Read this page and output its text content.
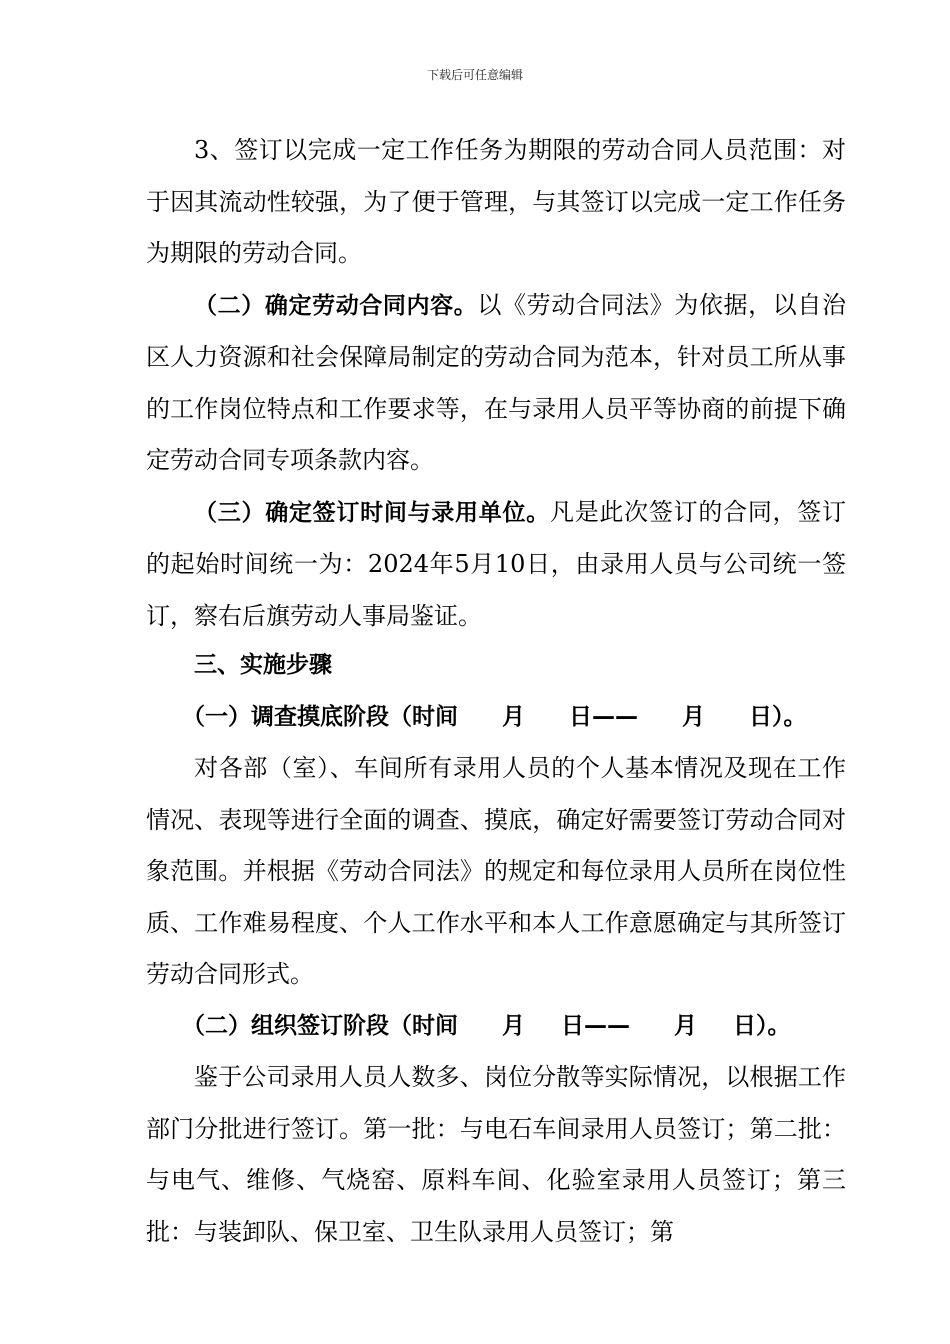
下载后可任意编辑

3、签订以完成一定工作任务为期限的劳动合同人员范围：对于因其流动性较强，为了便于管理，与其签订以完成一定工作任务为期限的劳动合同。

（二）确定劳动合同内容。以《劳动合同法》为依据，以自治区人力资源和社会保障局制定的劳动合同为范本，针对员工所从事的工作岗位特点和工作要求等，在与录用人员平等协商的前提下确定劳动合同专项条款内容。

（三）确定签订时间与录用单位。凡是此次签订的合同，签订的起始时间统一为：2024年5月10日，由录用人员与公司统一签订，察右后旗劳动人事局鉴证。

三、实施步骤

（一）调查摸底阶段（时间 月 日—— 月 日）。

对各部（室）、车间所有录用人员的个人基本情况及现在工作情况、表现等进行全面的调查、摸底，确定好需要签订劳动合同对象范围。并根据《劳动合同法》的规定和每位录用人员所在岗位性质、工作难易程度、个人工作水平和本人工作意愿确定与其所签订劳动合同形式。

（二）组织签订阶段（时间 月 日—— 月 日）。

鉴于公司录用人员人数多、岗位分散等实际情况，以根据工作部门分批进行签订。第一批：与电石车间录用人员签订；第二批：与电气、维修、气烧窑、原料车间、化验室录用人员签订；第三批：与装卸队、保卫室、卫生队录用人员签订；第
